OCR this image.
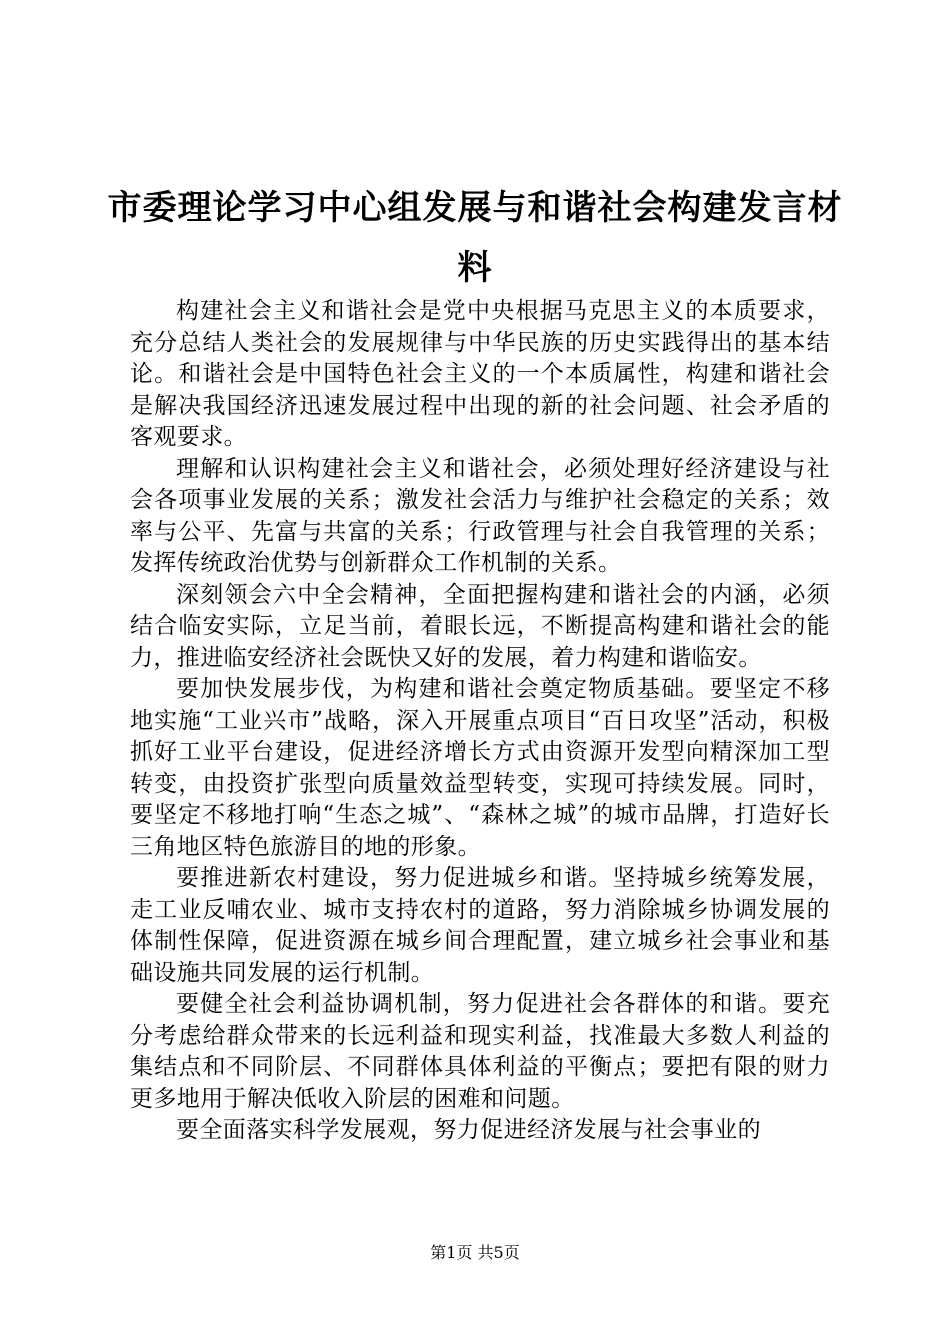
市委理论学习中心组发展与和谐社会构建发言材料

构建社会主义和谐社会是党中央根据马克思主义的本质要求，充分总结人类社会的发展规律与中华民族的历史实践得出的基本结论。和谐社会是中国特色社会主义的一个本质属性，构建和谐社会是解决我国经济迅速发展过程中出现的新的社会问题、社会矛盾的客观要求。

理解和认识构建社会主义和谐社会，必须处理好经济建设与社会各项事业发展的关系；激发社会活力与维护社会稳定的关系；效率与公平、先富与共富的关系；行政管理与社会自我管理的关系；发挥传统政治优势与创新群众工作机制的关系。

深刻领会六中全会精神，全面把握构建和谐社会的内涵，必须结合临安实际，立足当前，着眼长远，不断提高构建和谐社会的能力，推进临安经济社会既快又好的发展，着力构建和谐临安。

要加快发展步伐，为构建和谐社会奠定物质基础。要坚定不移地实施“工业兴市”战略，深入开展重点项目“百日攻坚”活动，积极抓好工业平台建设，促进经济增长方式由资源开发型向精深加工型转变，由投资扩张型向质量效益型转变，实现可持续发展。同时，要坚定不移地打响“生态之城”、“森林之城”的城市品牌，打造好长三角地区特色旅游目的地的形象。

要推进新农村建设，努力促进城乡和谐。坚持城乡统筹发展，走工业反哺农业、城市支持农村的道路，努力消除城乡协调发展的体制性保障，促进资源在城乡间合理配置，建立城乡社会事业和基础设施共同发展的运行机制。

要健全社会利益协调机制，努力促进社会各群体的和谐。要充分考虑给群众带来的长远利益和现实利益，找准最大多数人利益的集结点和不同阶层、不同群体具体利益的平衡点；要把有限的财力更多地用于解决低收入阶层的困难和问题。

要全面落实科学发展观，努力促进经济发展与社会事业的

第1页 共5页
